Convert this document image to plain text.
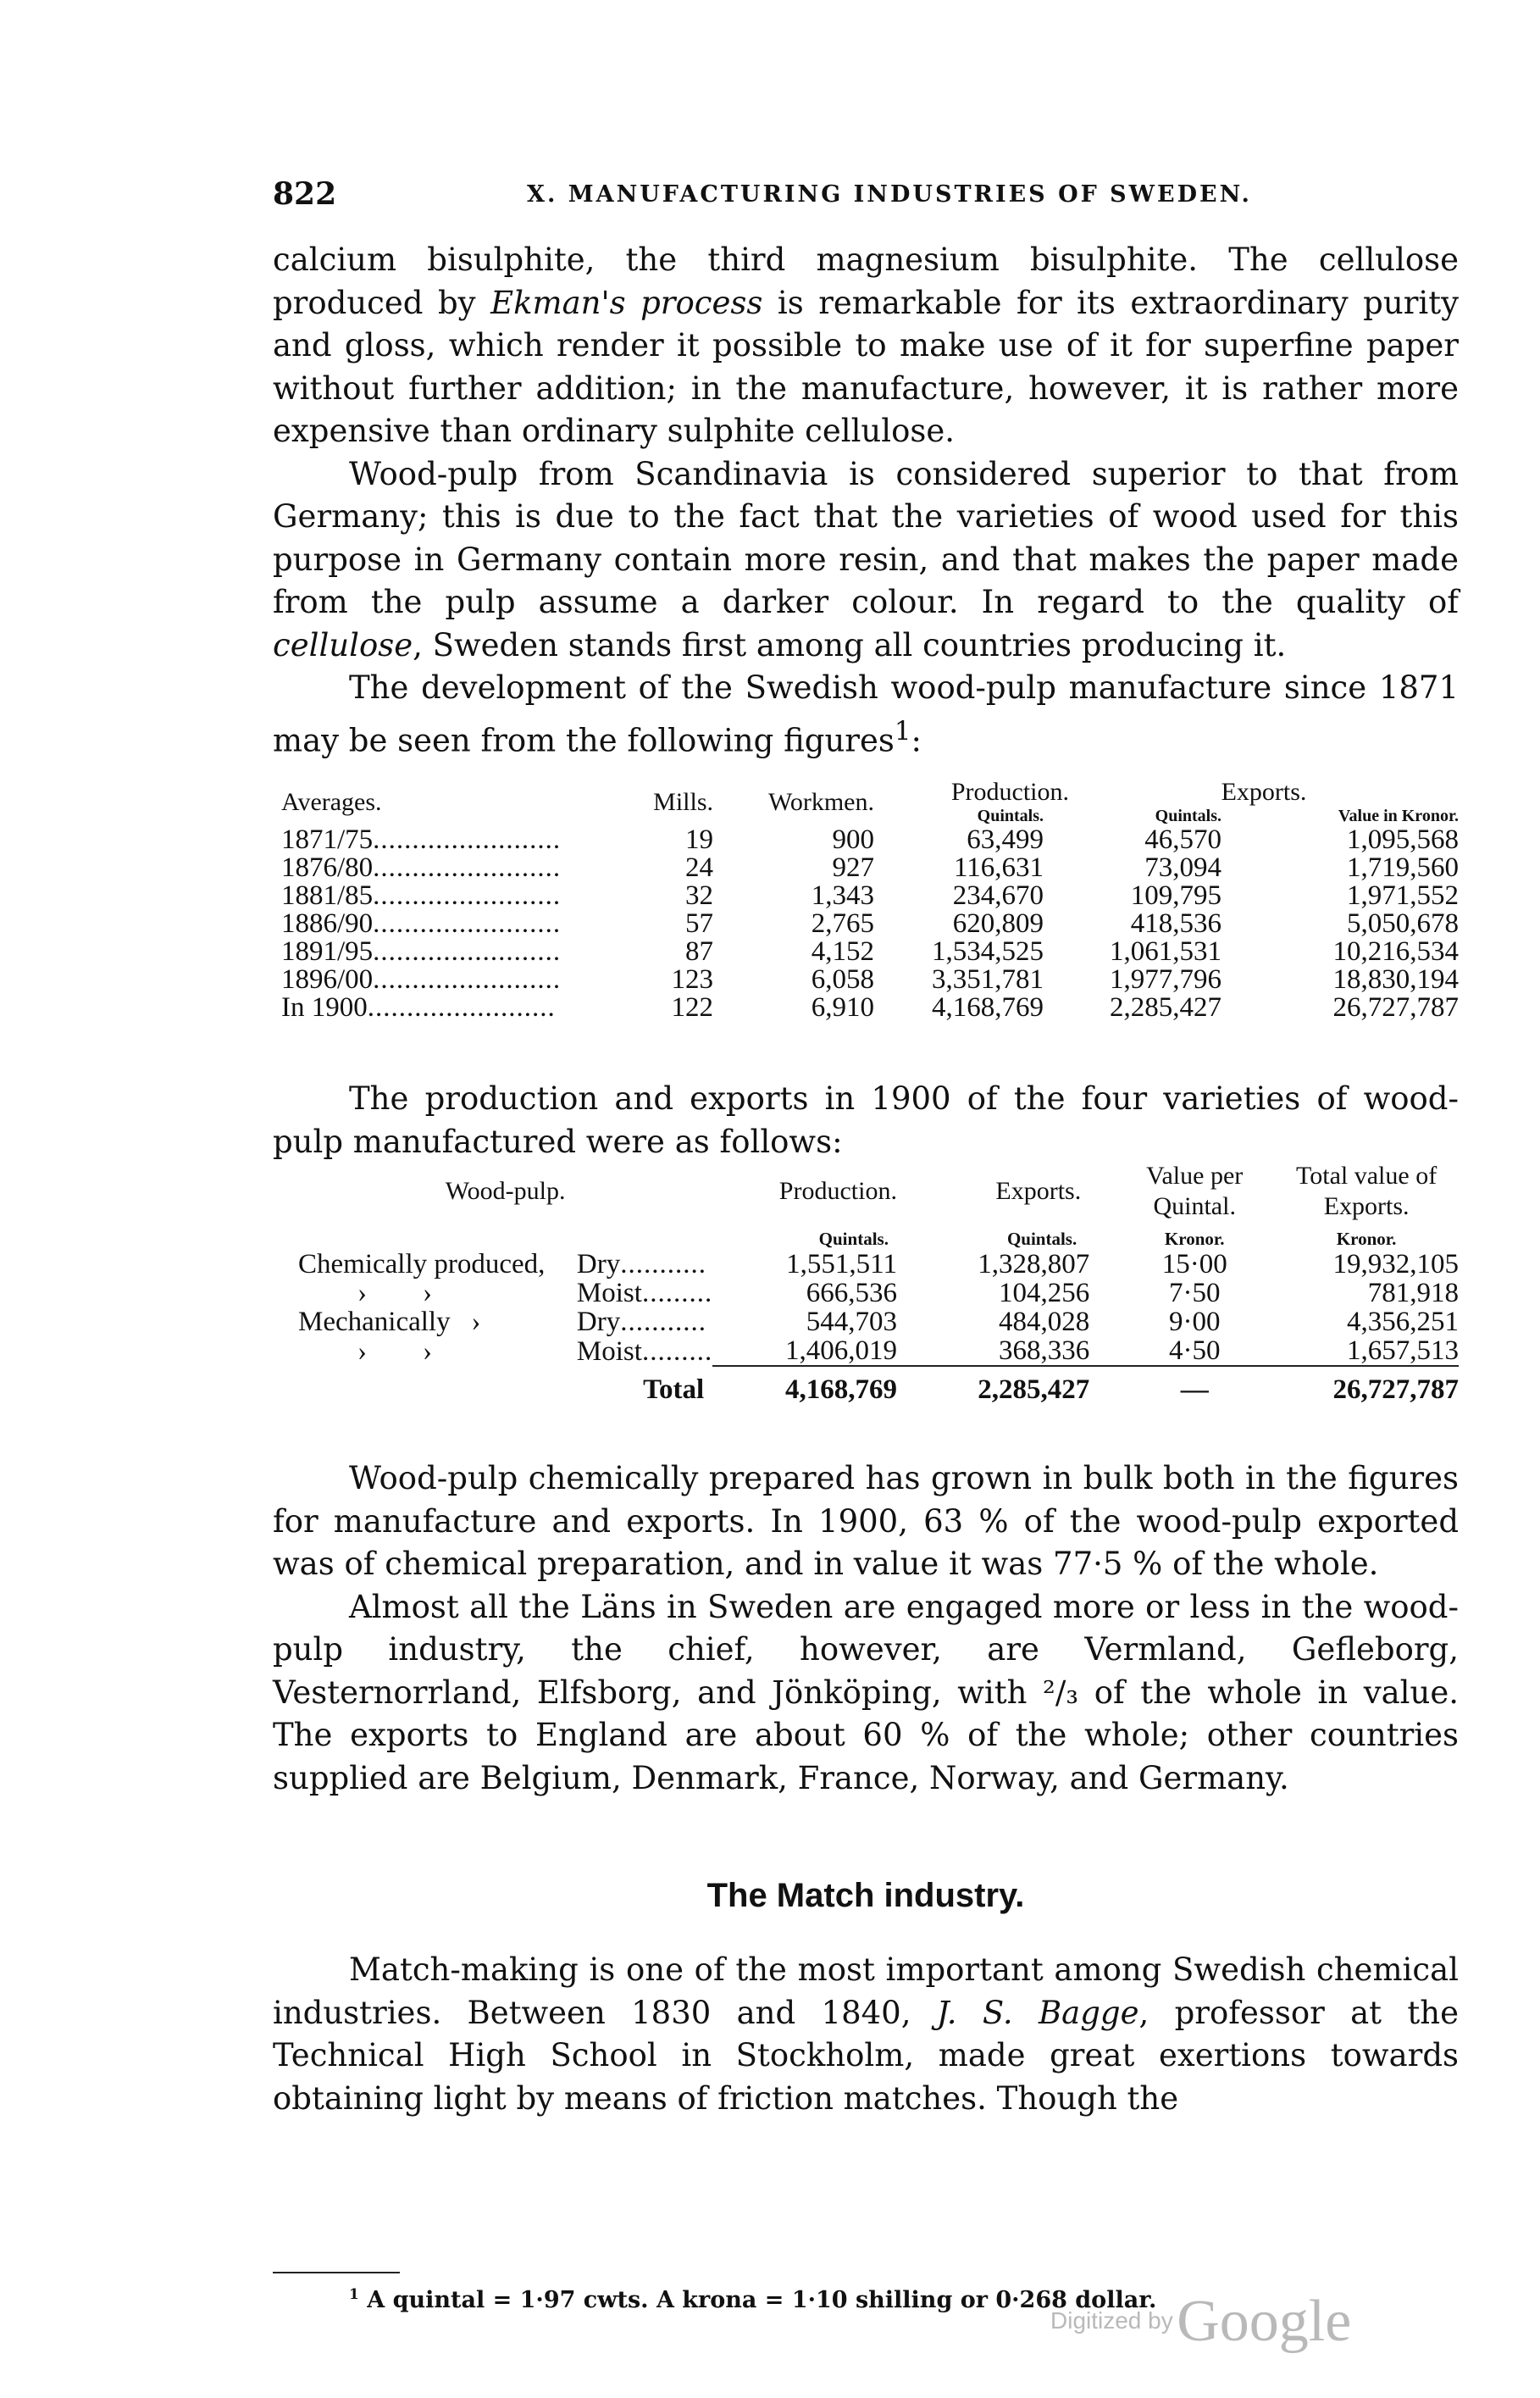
822	X. MANUFACTURING INDUSTRIES OF SWEDEN.

calcium bisulphite, the third magnesium bisulphite. The cellulose produced by Ekman's process is remarkable for its extraordinary purity and gloss, which render it possible to make use of it for superfine paper without further addition; in the manufacture, however, it is rather more expensive than ordinary sulphite cellulose.

Wood-pulp from Scandinavia is considered superior to that from Germany; this is due to the fact that the varieties of wood used for this purpose in Germany contain more resin, and that makes the paper made from the pulp assume a darker colour. In regard to the quality of cellulose, Sweden stands first among all countries producing it.

The development of the Swedish wood-pulp manufacture since 1871 may be seen from the following figures$^1$:

Averages.	Mills.	Workmen.	Production.	Exports.	
			Quintals.	Quintals.	Value in Kronor.
1871/75........................	19	900	63,499	46,570	1,095,568
1876/80........................	24	927	116,631	73,094	1,719,560
1881/85........................	32	1,343	234,670	109,795	1,971,552
1886/90........................	57	2,765	620,809	418,536	5,050,678
1891/95........................	87	4,152	1,534,525	1,061,531	10,216,534
1896/00........................	123	6,058	3,351,781	1,977,796	18,830,194
In 1900........................	122	6,910	4,168,769	2,285,427	26,727,787

The production and exports in 1900 of the four varieties of wood-pulp manufactured were as follows:

Wood-pulp.		Production.	Exports.	Value per Quintal.	Total value of Exports.
		Quintals.	Quintals.	Kronor.	Kronor.
Chemically produced,	Dry...........	1,551,511	1,328,807	15·00	19,932,105
›        ›	Moist.........	666,536	104,256	7·50	781,918
Mechanically   ›	Dry...........	544,703	484,028	9·00	4,356,251
›        ›	Moist.........	1,406,019	368,336	4·50	1,657,513

	Total	4,168,769	2,285,427	—	26,727,787

Wood-pulp chemically prepared has grown in bulk both in the figures for manufacture and exports. In 1900, 63 % of the wood-pulp exported was of chemical preparation, and in value it was 77·5 % of the whole.

Almost all the Läns in Sweden are engaged more or less in the wood-pulp industry, the chief, however, are Vermland, Gefleborg, Vesternorrland, Elfsborg, and Jönköping, with ²/₃ of the whole in value. The exports to England are about 60 % of the whole; other countries supplied are Belgium, Denmark, France, Norway, and Germany.

The Match industry.

Match-making is one of the most important among Swedish chemical industries. Between 1830 and 1840, J. S. Bagge, professor at the Technical High School in Stockholm, made great exertions towards obtaining light by means of friction matches. Though the

$^1$ A quintal = 1·97 cwts. A krona = 1·10 shilling or 0·268 dollar.
Digitized by Google
